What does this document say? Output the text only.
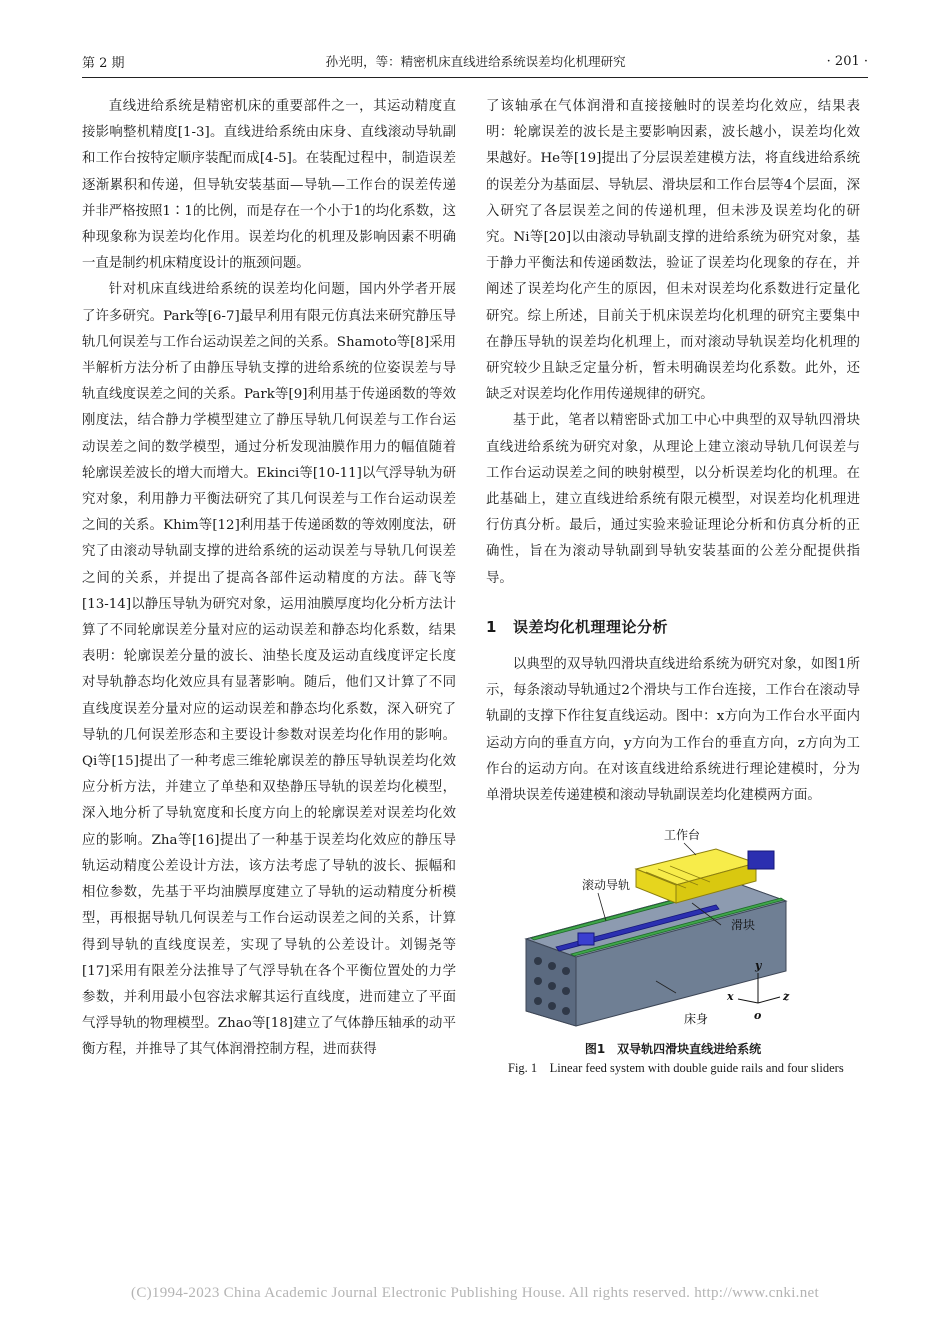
第 2 期	孙光明，等：精密机床直线进给系统误差均化机理研究	· 201 ·

直线进给系统是精密机床的重要部件之一，其运动精度直接影响整机精度[1-3]。直线进给系统由床身、直线滚动导轨副和工作台按特定顺序装配而成[4-5]。在装配过程中，制造误差逐渐累积和传递，但导轨安装基面—导轨—工作台的误差传递并非严格按照1∶1的比例，而是存在一个小于1的均化系数，这种现象称为误差均化作用。误差均化的机理及影响因素不明确一直是制约机床精度设计的瓶颈问题。

针对机床直线进给系统的误差均化问题，国内外学者开展了许多研究。Park等[6-7]最早利用有限元仿真法来研究静压导轨几何误差与工作台运动误差之间的关系。Shamoto等[8]采用半解析方法分析了由静压导轨支撑的进给系统的位姿误差与导轨直线度误差之间的关系。Park等[9]利用基于传递函数的等效刚度法，结合静力学模型建立了静压导轨几何误差与工作台运动误差之间的数学模型，通过分析发现油膜作用力的幅值随着轮廓误差波长的增大而增大。Ekinci等[10-11]以气浮导轨为研究对象，利用静力平衡法研究了其几何误差与工作台运动误差之间的关系。Khim等[12]利用基于传递函数的等效刚度法，研究了由滚动导轨副支撑的进给系统的运动误差与导轨几何误差之间的关系，并提出了提高各部件运动精度的方法。薛飞等[13-14]以静压导轨为研究对象，运用油膜厚度均化分析方法计算了不同轮廓误差分量对应的运动误差和静态均化系数，结果表明：轮廓误差分量的波长、油垫长度及运动直线度评定长度对导轨静态均化效应具有显著影响。随后，他们又计算了不同直线度误差分量对应的运动误差和静态均化系数，深入研究了导轨的几何误差形态和主要设计参数对误差均化作用的影响。Qi等[15]提出了一种考虑三维轮廓误差的静压导轨误差均化效应分析方法，并建立了单垫和双垫静压导轨的误差均化模型，深入地分析了导轨宽度和长度方向上的轮廓误差对误差均化效应的影响。Zha等[16]提出了一种基于误差均化效应的静压导轨运动精度公差设计方法，该方法考虑了导轨的波长、振幅和相位参数，先基于平均油膜厚度建立了导轨的运动精度分析模型，再根据导轨几何误差与工作台运动误差之间的关系，计算得到导轨的直线度误差，实现了导轨的公差设计。刘锡尧等[17]采用有限差分法推导了气浮导轨在各个平衡位置处的力学参数，并利用最小包容法求解其运行直线度，进而建立了平面气浮导轨的物理模型。Zhao等[18]建立了气体静压轴承的动平衡方程，并推导了其气体润滑控制方程，进而获得

了该轴承在气体润滑和直接接触时的误差均化效应，结果表明：轮廓误差的波长是主要影响因素，波长越小，误差均化效果越好。He等[19]提出了分层误差建模方法，将直线进给系统的误差分为基面层、导轨层、滑块层和工作台层等4个层面，深入研究了各层误差之间的传递机理，但未涉及误差均化的研究。Ni等[20]以由滚动导轨副支撑的进给系统为研究对象，基于静力平衡法和传递函数法，验证了误差均化现象的存在，并阐述了误差均化产生的原因，但未对误差均化系数进行定量化研究。综上所述，目前关于机床误差均化机理的研究主要集中在静压导轨的误差均化机理上，而对滚动导轨误差均化机理的研究较少且缺乏定量分析，暂未明确误差均化系数。此外，还缺乏对误差均化作用传递规律的研究。

基于此，笔者以精密卧式加工中心中典型的双导轨四滑块直线进给系统为研究对象，从理论上建立滚动导轨几何误差与工作台运动误差之间的映射模型，以分析误差均化的机理。在此基础上，建立直线进给系统有限元模型，对误差均化机理进行仿真分析。最后，通过实验来验证理论分析和仿真分析的正确性，旨在为滚动导轨副到导轨安装基面的公差分配提供指导。

1 误差均化机理理论分析

以典型的双导轨四滑块直线进给系统为研究对象，如图1所示，每条滚动导轨通过2个滑块与工作台连接，工作台在滚动导轨副的支撑下作往复直线运动。图中：x方向为工作台水平面内运动方向的垂直方向，y方向为工作台的垂直方向，z方向为工作台的运动方向。在对该直线进给系统进行理论建模时，分为单滑块误差传递建模和滚动导轨副误差均化建模两方面。

工作台
滚动导轨
滑块
床身
y
x	z
o
图1　双导轨四滑块直线进给系统
Fig. 1　Linear feed system with double guide rails and four sliders
(C)1994-2023 China Academic Journal Electronic Publishing House. All rights reserved. http://www.cnki.net
